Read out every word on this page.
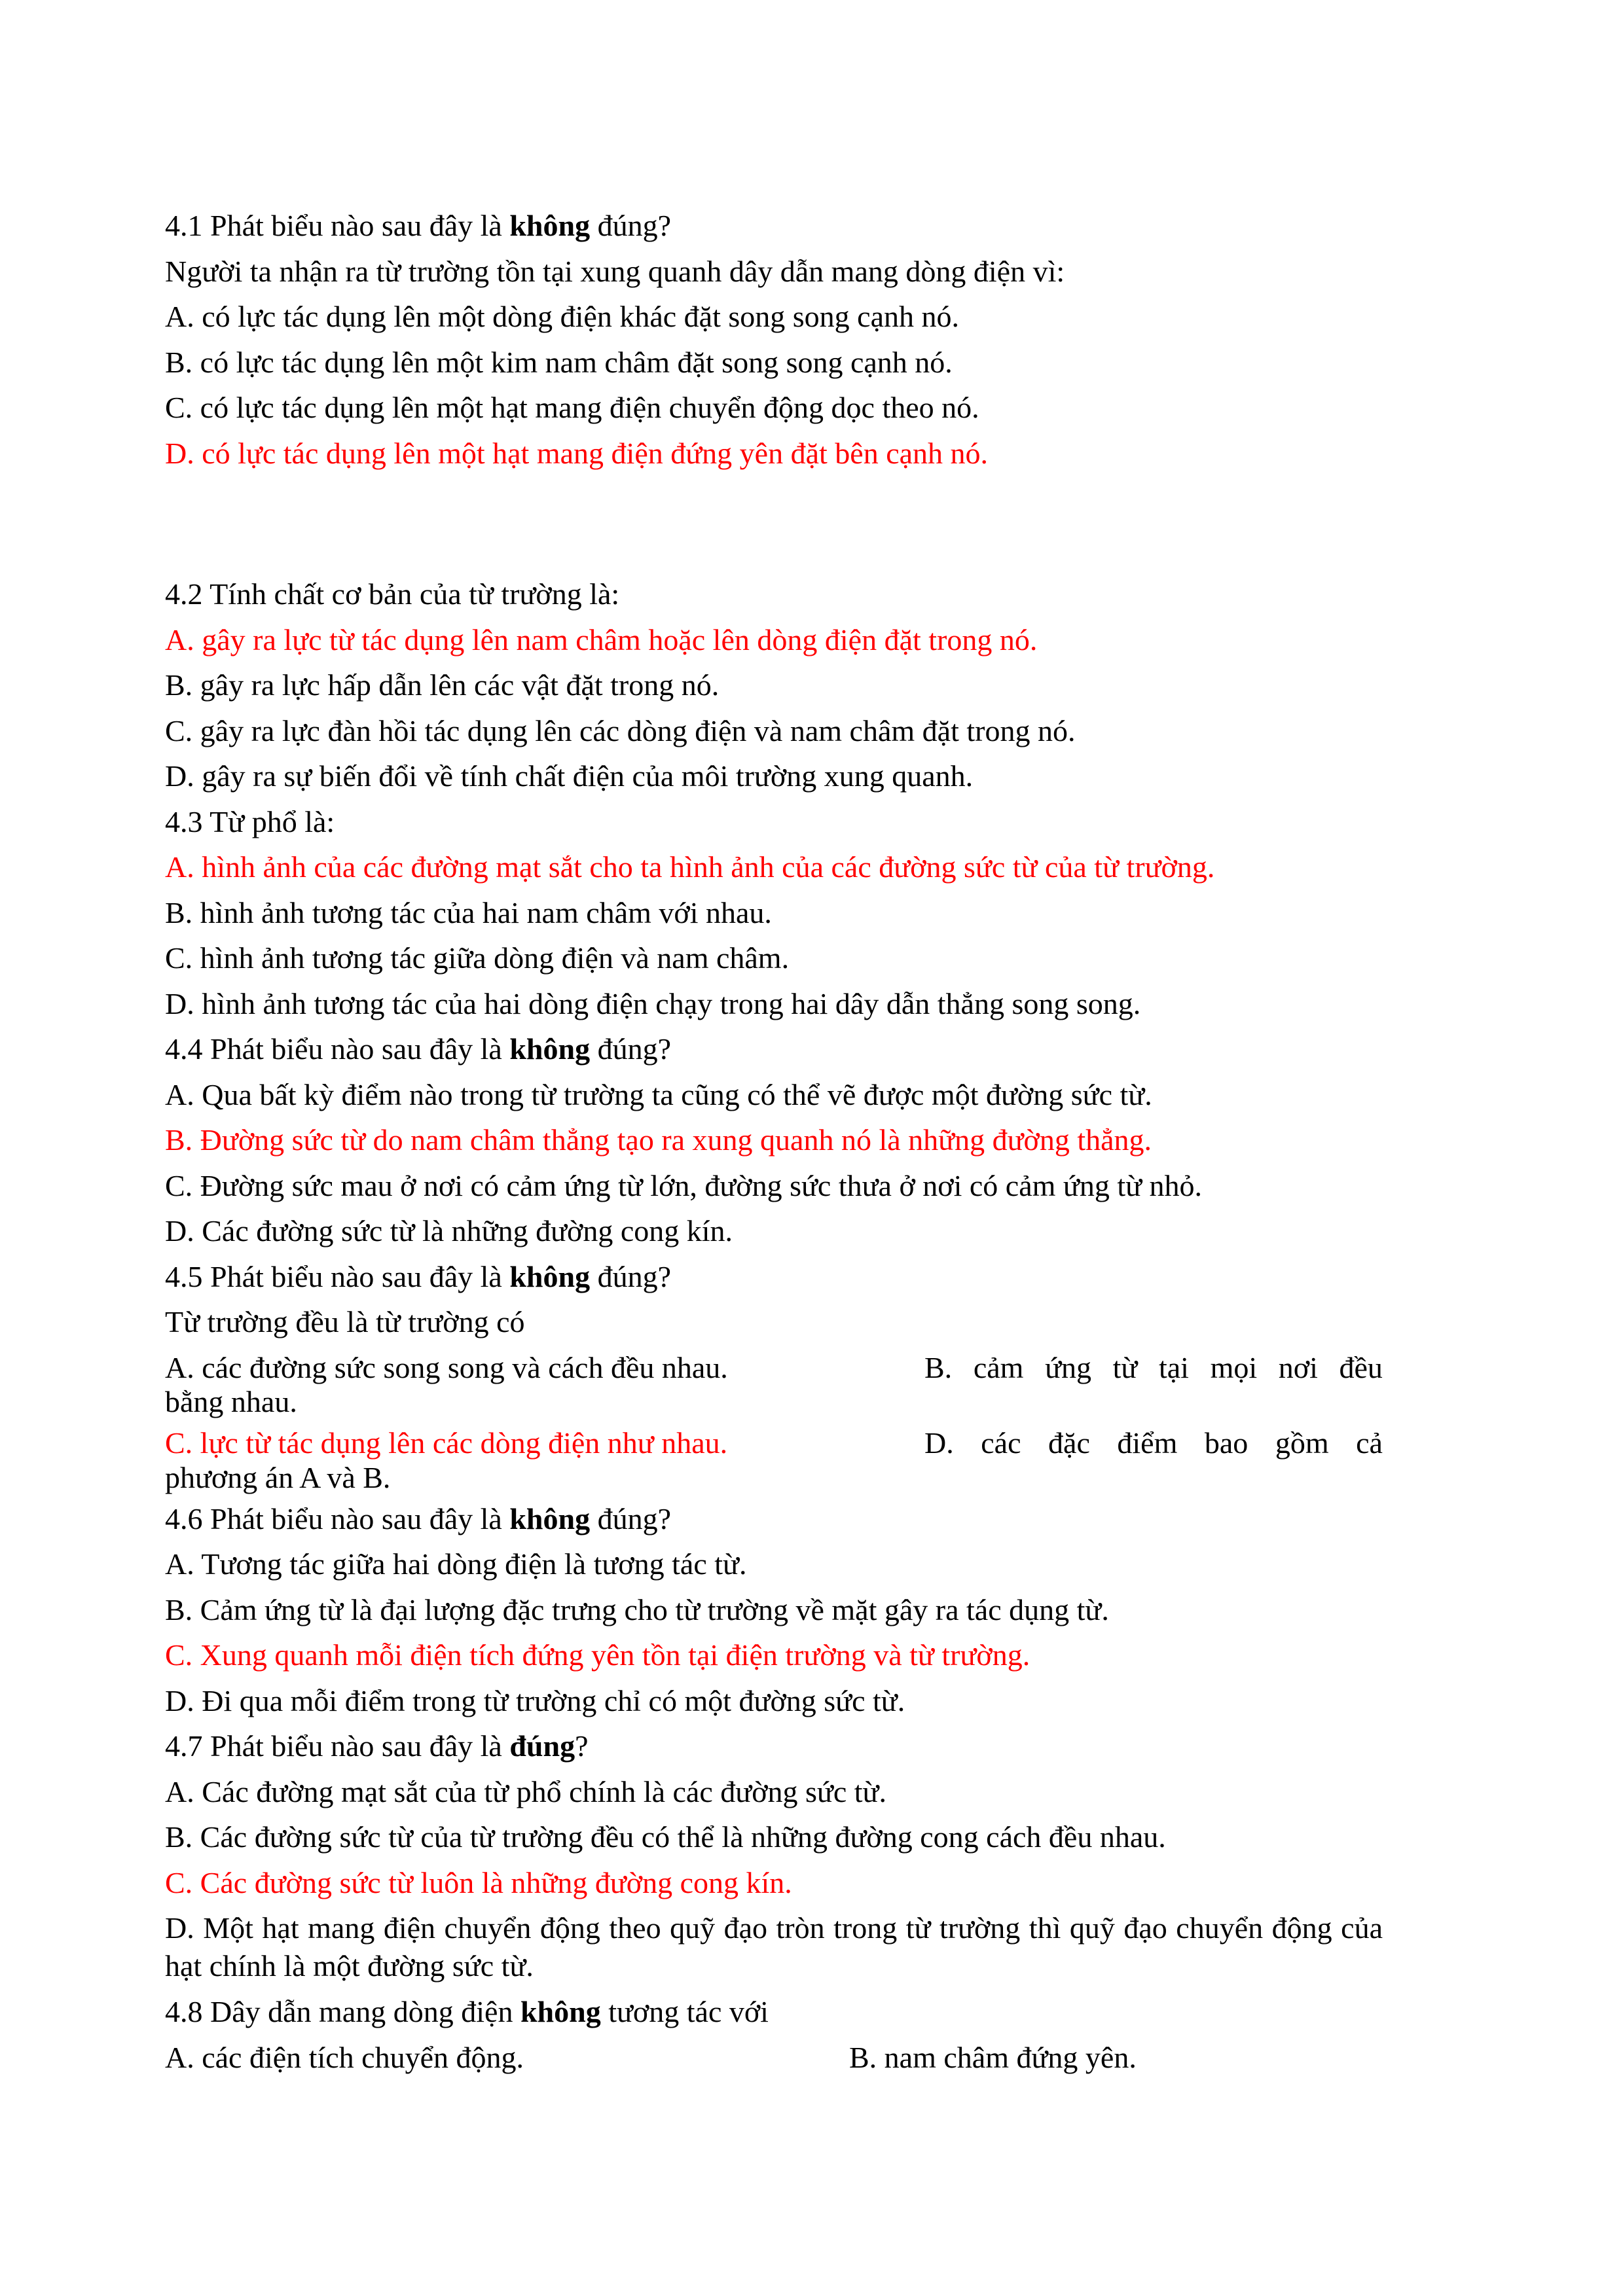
4.1 Phát biểu nào sau đây là không đúng?

Người ta nhận ra từ trường tồn tại xung quanh dây dẫn mang dòng điện vì:

A. có lực tác dụng lên một dòng điện khác đặt song song cạnh nó.

B. có lực tác dụng lên một kim nam châm đặt song song cạnh nó.

C. có lực tác dụng lên một hạt mang điện chuyển động dọc theo nó.

D. có lực tác dụng lên một hạt mang điện đứng yên đặt bên cạnh nó.

4.2 Tính chất cơ bản của từ trường là:

A. gây ra lực từ tác dụng lên nam châm hoặc lên dòng điện đặt trong nó.

B. gây ra lực hấp dẫn lên các vật đặt trong nó.

C. gây ra lực đàn hồi tác dụng lên các dòng điện và nam châm đặt trong nó.

D. gây ra sự biến đổi về tính chất điện của môi trường xung quanh.

4.3 Từ phổ là:

A. hình ảnh của các đường mạt sắt cho ta hình ảnh của các đường sức từ của từ trường.

B. hình ảnh tương tác của hai nam châm với nhau.

C. hình ảnh tương tác giữa dòng điện và nam châm.

D. hình ảnh tương tác của hai dòng điện chạy trong hai dây dẫn thẳng song song.

4.4 Phát biểu nào sau đây là không đúng?

A. Qua bất kỳ điểm nào trong từ trường ta cũng có thể vẽ được một đường sức từ.

B. Đường sức từ do nam châm thẳng tạo ra xung quanh nó là những đường thẳng.

C. Đường sức mau ở nơi có cảm ứng từ lớn, đường sức thưa ở nơi có cảm ứng từ nhỏ.

D. Các đường sức từ là những đường cong kín.

4.5 Phát biểu nào sau đây là không đúng?

Từ trường đều là từ trường có

A. các đường sức song song và cách đều nhau.	B. cảm ứng từ tại mọi nơi đều

bằng nhau.

C. lực từ tác dụng lên các dòng điện như nhau.	D. các đặc điểm bao gồm cả

phương án A và B.

4.6 Phát biểu nào sau đây là không đúng?

A. Tương tác giữa hai dòng điện là tương tác từ.

B. Cảm ứng từ là đại lượng đặc trưng cho từ trường về mặt gây ra tác dụng từ.

C. Xung quanh mỗi điện tích đứng yên tồn tại điện trường và từ trường.

D. Đi qua mỗi điểm trong từ trường chỉ có một đường sức từ.

4.7 Phát biểu nào sau đây là đúng?

A. Các đường mạt sắt của từ phổ chính là các đường sức từ.

B. Các đường sức từ của từ trường đều có thể là những đường cong cách đều nhau.

C. Các đường sức từ luôn là những đường cong kín.

D. Một hạt mang điện chuyển động theo quỹ đạo tròn trong từ trường thì quỹ đạo chuyển động của hạt chính là một đường sức từ.

4.8 Dây dẫn mang dòng điện không tương tác với

A. các điện tích chuyển động.	B. nam châm đứng yên.
